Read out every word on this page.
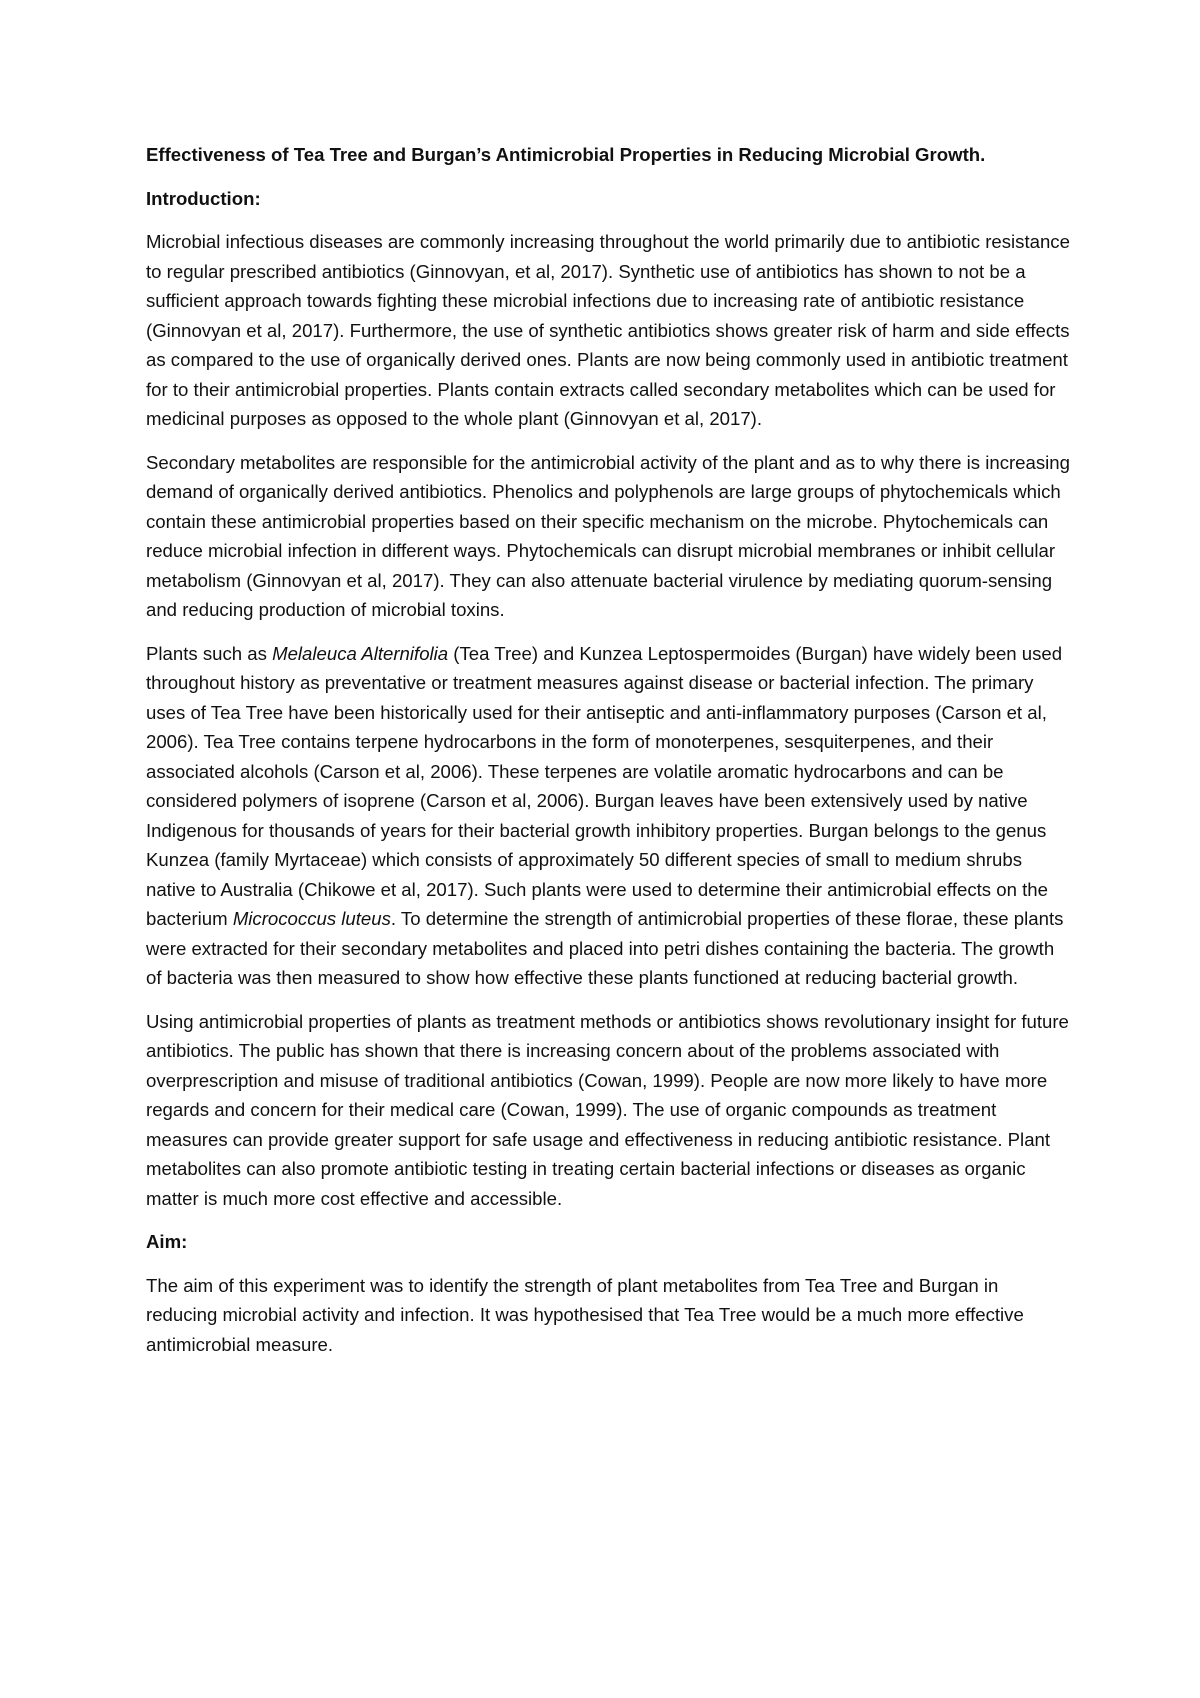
Effectiveness of Tea Tree and Burgan’s Antimicrobial Properties in Reducing Microbial Growth.

Introduction:

Microbial infectious diseases are commonly increasing throughout the world primarily due to antibiotic resistance to regular prescribed antibiotics (Ginnovyan, et al, 2017). Synthetic use of antibiotics has shown to not be a sufficient approach towards fighting these microbial infections due to increasing rate of antibiotic resistance (Ginnovyan et al, 2017). Furthermore, the use of synthetic antibiotics shows greater risk of harm and side effects as compared to the use of organically derived ones. Plants are now being commonly used in antibiotic treatment for to their antimicrobial properties. Plants contain extracts called secondary metabolites which can be used for medicinal purposes as opposed to the whole plant (Ginnovyan et al, 2017).

Secondary metabolites are responsible for the antimicrobial activity of the plant and as to why there is increasing demand of organically derived antibiotics. Phenolics and polyphenols are large groups of phytochemicals which contain these antimicrobial properties based on their specific mechanism on the microbe. Phytochemicals can reduce microbial infection in different ways. Phytochemicals can disrupt microbial membranes or inhibit cellular metabolism (Ginnovyan et al, 2017). They can also attenuate bacterial virulence by mediating quorum-sensing and reducing production of microbial toxins.

Plants such as Melaleuca Alternifolia (Tea Tree) and Kunzea Leptospermoides (Burgan) have widely been used throughout history as preventative or treatment measures against disease or bacterial infection. The primary uses of Tea Tree have been historically used for their antiseptic and anti-inflammatory purposes (Carson et al, 2006). Tea Tree contains terpene hydrocarbons in the form of monoterpenes, sesquiterpenes, and their associated alcohols (Carson et al, 2006). These terpenes are volatile aromatic hydrocarbons and can be considered polymers of isoprene (Carson et al, 2006). Burgan leaves have been extensively used by native Indigenous for thousands of years for their bacterial growth inhibitory properties. Burgan belongs to the genus Kunzea (family Myrtaceae) which consists of approximately 50 different species of small to medium shrubs native to Australia (Chikowe et al, 2017). Such plants were used to determine their antimicrobial effects on the bacterium Micrococcus luteus. To determine the strength of antimicrobial properties of these florae, these plants were extracted for their secondary metabolites and placed into petri dishes containing the bacteria. The growth of bacteria was then measured to show how effective these plants functioned at reducing bacterial growth.

Using antimicrobial properties of plants as treatment methods or antibiotics shows revolutionary insight for future antibiotics. The public has shown that there is increasing concern about of the problems associated with overprescription and misuse of traditional antibiotics (Cowan, 1999). People are now more likely to have more regards and concern for their medical care (Cowan, 1999). The use of organic compounds as treatment measures can provide greater support for safe usage and effectiveness in reducing antibiotic resistance. Plant metabolites can also promote antibiotic testing in treating certain bacterial infections or diseases as organic matter is much more cost effective and accessible.

Aim:

The aim of this experiment was to identify the strength of plant metabolites from Tea Tree and Burgan in reducing microbial activity and infection. It was hypothesised that Tea Tree would be a much more effective antimicrobial measure.
